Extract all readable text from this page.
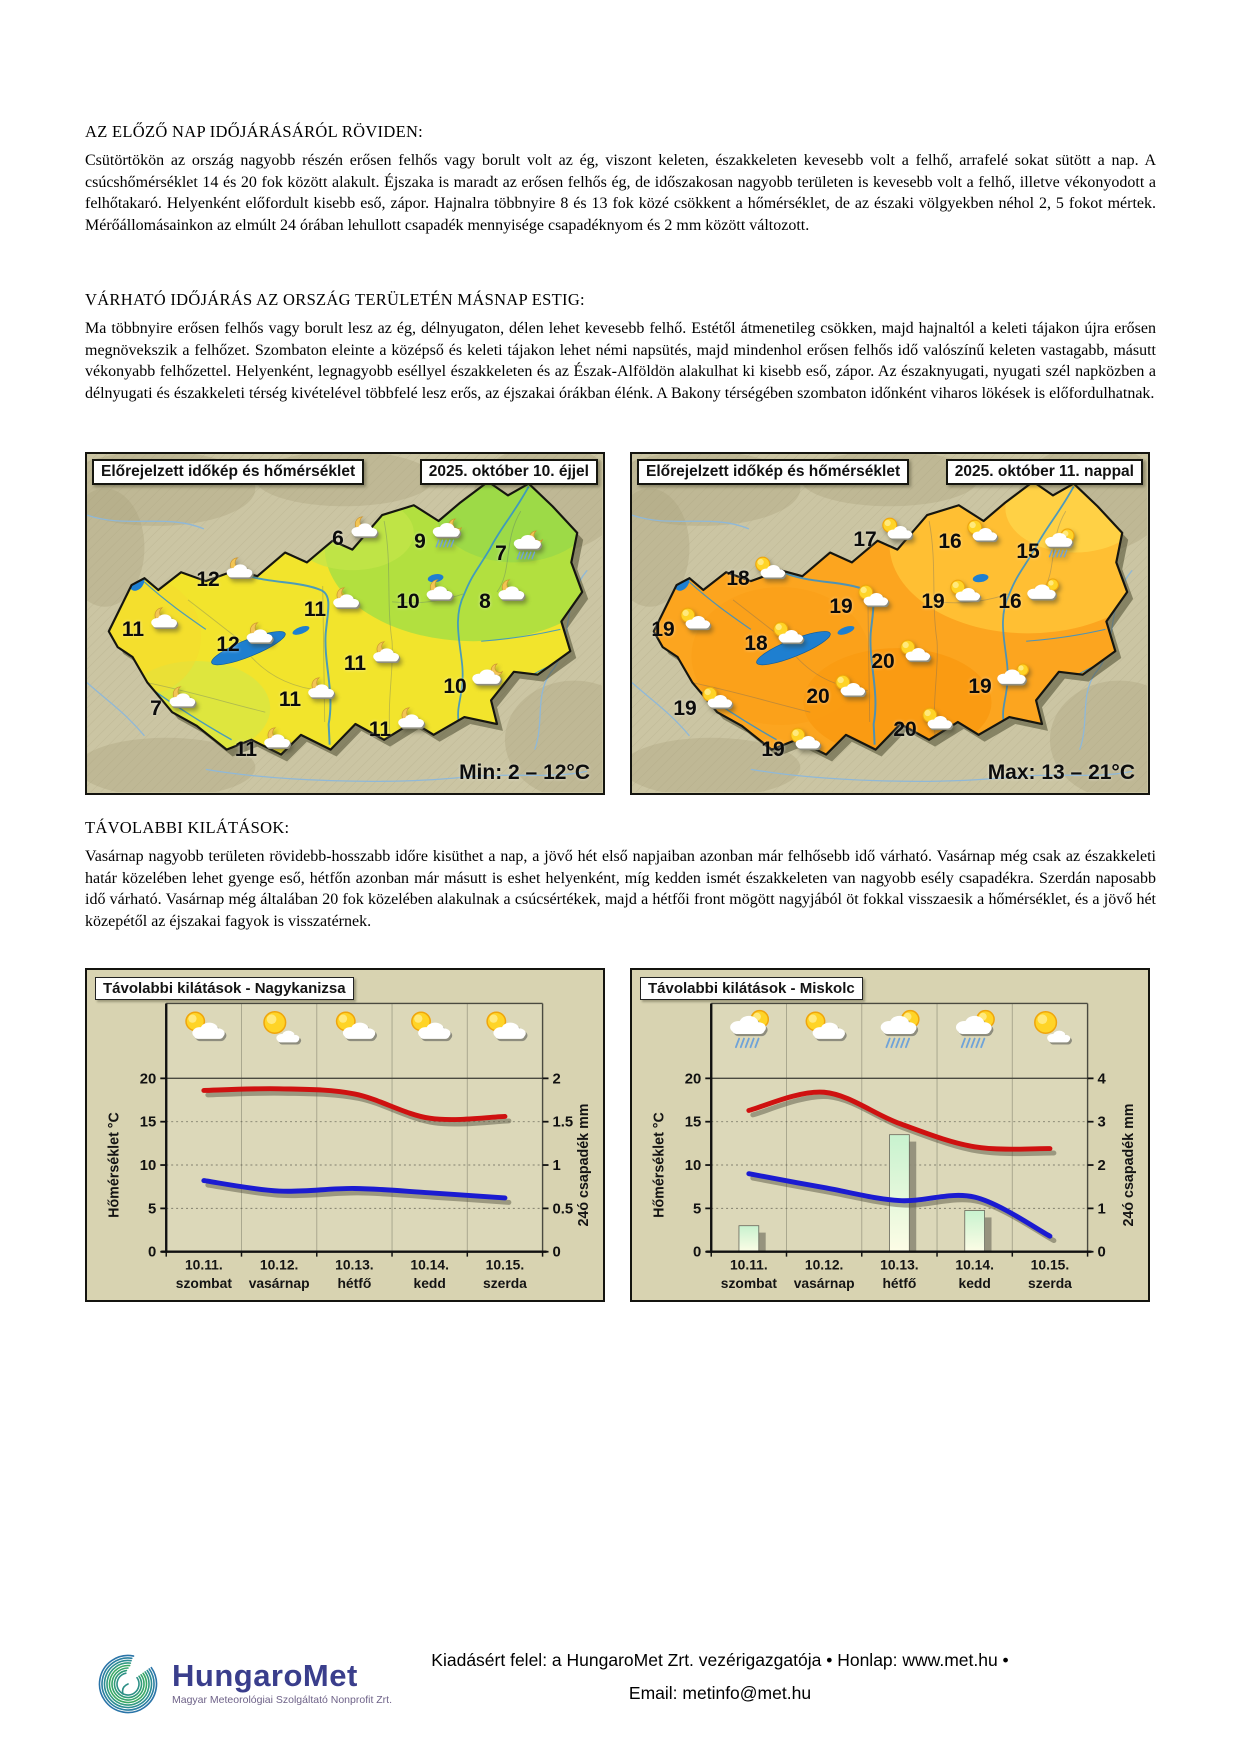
AZ ELŐZŐ NAP IDŐJÁRÁSÁRÓL RÖVIDEN:

Csütörtökön az ország nagyobb részén erősen felhős vagy borult volt az ég, viszont keleten, északkeleten kevesebb volt a felhő, arrafelé sokat sütött a nap. A csúcshőmérséklet 14 és 20 fok között alakult. Éjszaka is maradt az erősen felhős ég, de időszakosan nagyobb területen is kevesebb volt a felhő, illetve vékonyodott a felhőtakaró. Helyenként előfordult kisebb eső, zápor. Hajnalra többnyire 8 és 13 fok közé csökkent a hőmérséklet, de az északi völgyekben néhol 2, 5 fokot mértek. Mérőállomásainkon az elmúlt 24 órában lehullott csapadék mennyisége csapadéknyom és 2 mm között változott.

VÁRHATÓ IDŐJÁRÁS AZ ORSZÁG TERÜLETÉN MÁSNAP ESTIG:

Ma többnyire erősen felhős vagy borult lesz az ég, délnyugaton, délen lehet kevesebb felhő. Estétől átmenetileg csökken, majd hajnaltól a keleti tájakon újra erősen megnövekszik a felhőzet. Szombaton eleinte a középső és keleti tájakon lehet némi napsütés, majd mindenhol erősen felhős idő valószínű keleten vastagabb, másutt vékonyabb felhőzettel. Helyenként, legnagyobb eséllyel északkeleten és az Észak-Alföldön alakulhat ki kisebb eső, zápor. Az északnyugati, nyugati szél napközben a délnyugati és északkeleti térség kivételével többfelé lesz erős, az éjszakai órákban élénk. A Bakony térségében szombaton időnként viharos lökések is előfordulhatnak.

Előrejelzett időkép és hőmérséklet	2025. október 10. éjjel
Min: 2 – 12°C
6	9
7
12
11	10	8
11
12
11
10
7	11
11
11
Előrejelzett időkép és hőmérséklet	2025. október 11. nappal
Max: 13 – 21°C
17	16	15
18
19	19	16
19
18
20
19
19
20
19
20
TÁVOLABBI KILÁTÁSOK:

Vasárnap nagyobb területen rövidebb-hosszabb időre kisüthet a nap, a jövő hét első napjaiban azonban már felhősebb idő várható. Vasárnap még csak az északkeleti határ közelében lehet gyenge eső, hétfőn azonban már másutt is eshet helyenként, míg kedden ismét északkeleten van nagyobb esély csapadékra. Szerdán naposabb idő várható. Vasárnap még általában 20 fok közelében alakulnak a csúcsértékek, majd a hétfői front mögött nagyjából öt fokkal visszaesik a hőmérséklet, és a jövő hét közepétől az éjszakai fagyok is visszatérnek.

0
5
10
15
20
0
0.5
1
1.5
2
10.11.
szombat
10.12.
vasárnap
10.13.
hétfő
10.14.
kedd
10.15.
szerda
Hőmérséklet °C	24ó csapadék mm
Távolabbi kilátások - Nagykanizsa
0
5
10
15
20
0
1
2
3
4
10.11.
szombat
10.12.
vasárnap
10.13.
hétfő
10.14.
kedd
10.15.
szerda
Hőmérséklet °C	24ó csapadék mm
Távolabbi kilátások - Miskolc
HungaroMet
Magyar Meteorológiai Szolgáltató Nonprofit Zrt.
Kiadásért felel: a HungaroMet Zrt. vezérigazgatója • Honlap: www.met.hu •
Email: metinfo@met.hu
